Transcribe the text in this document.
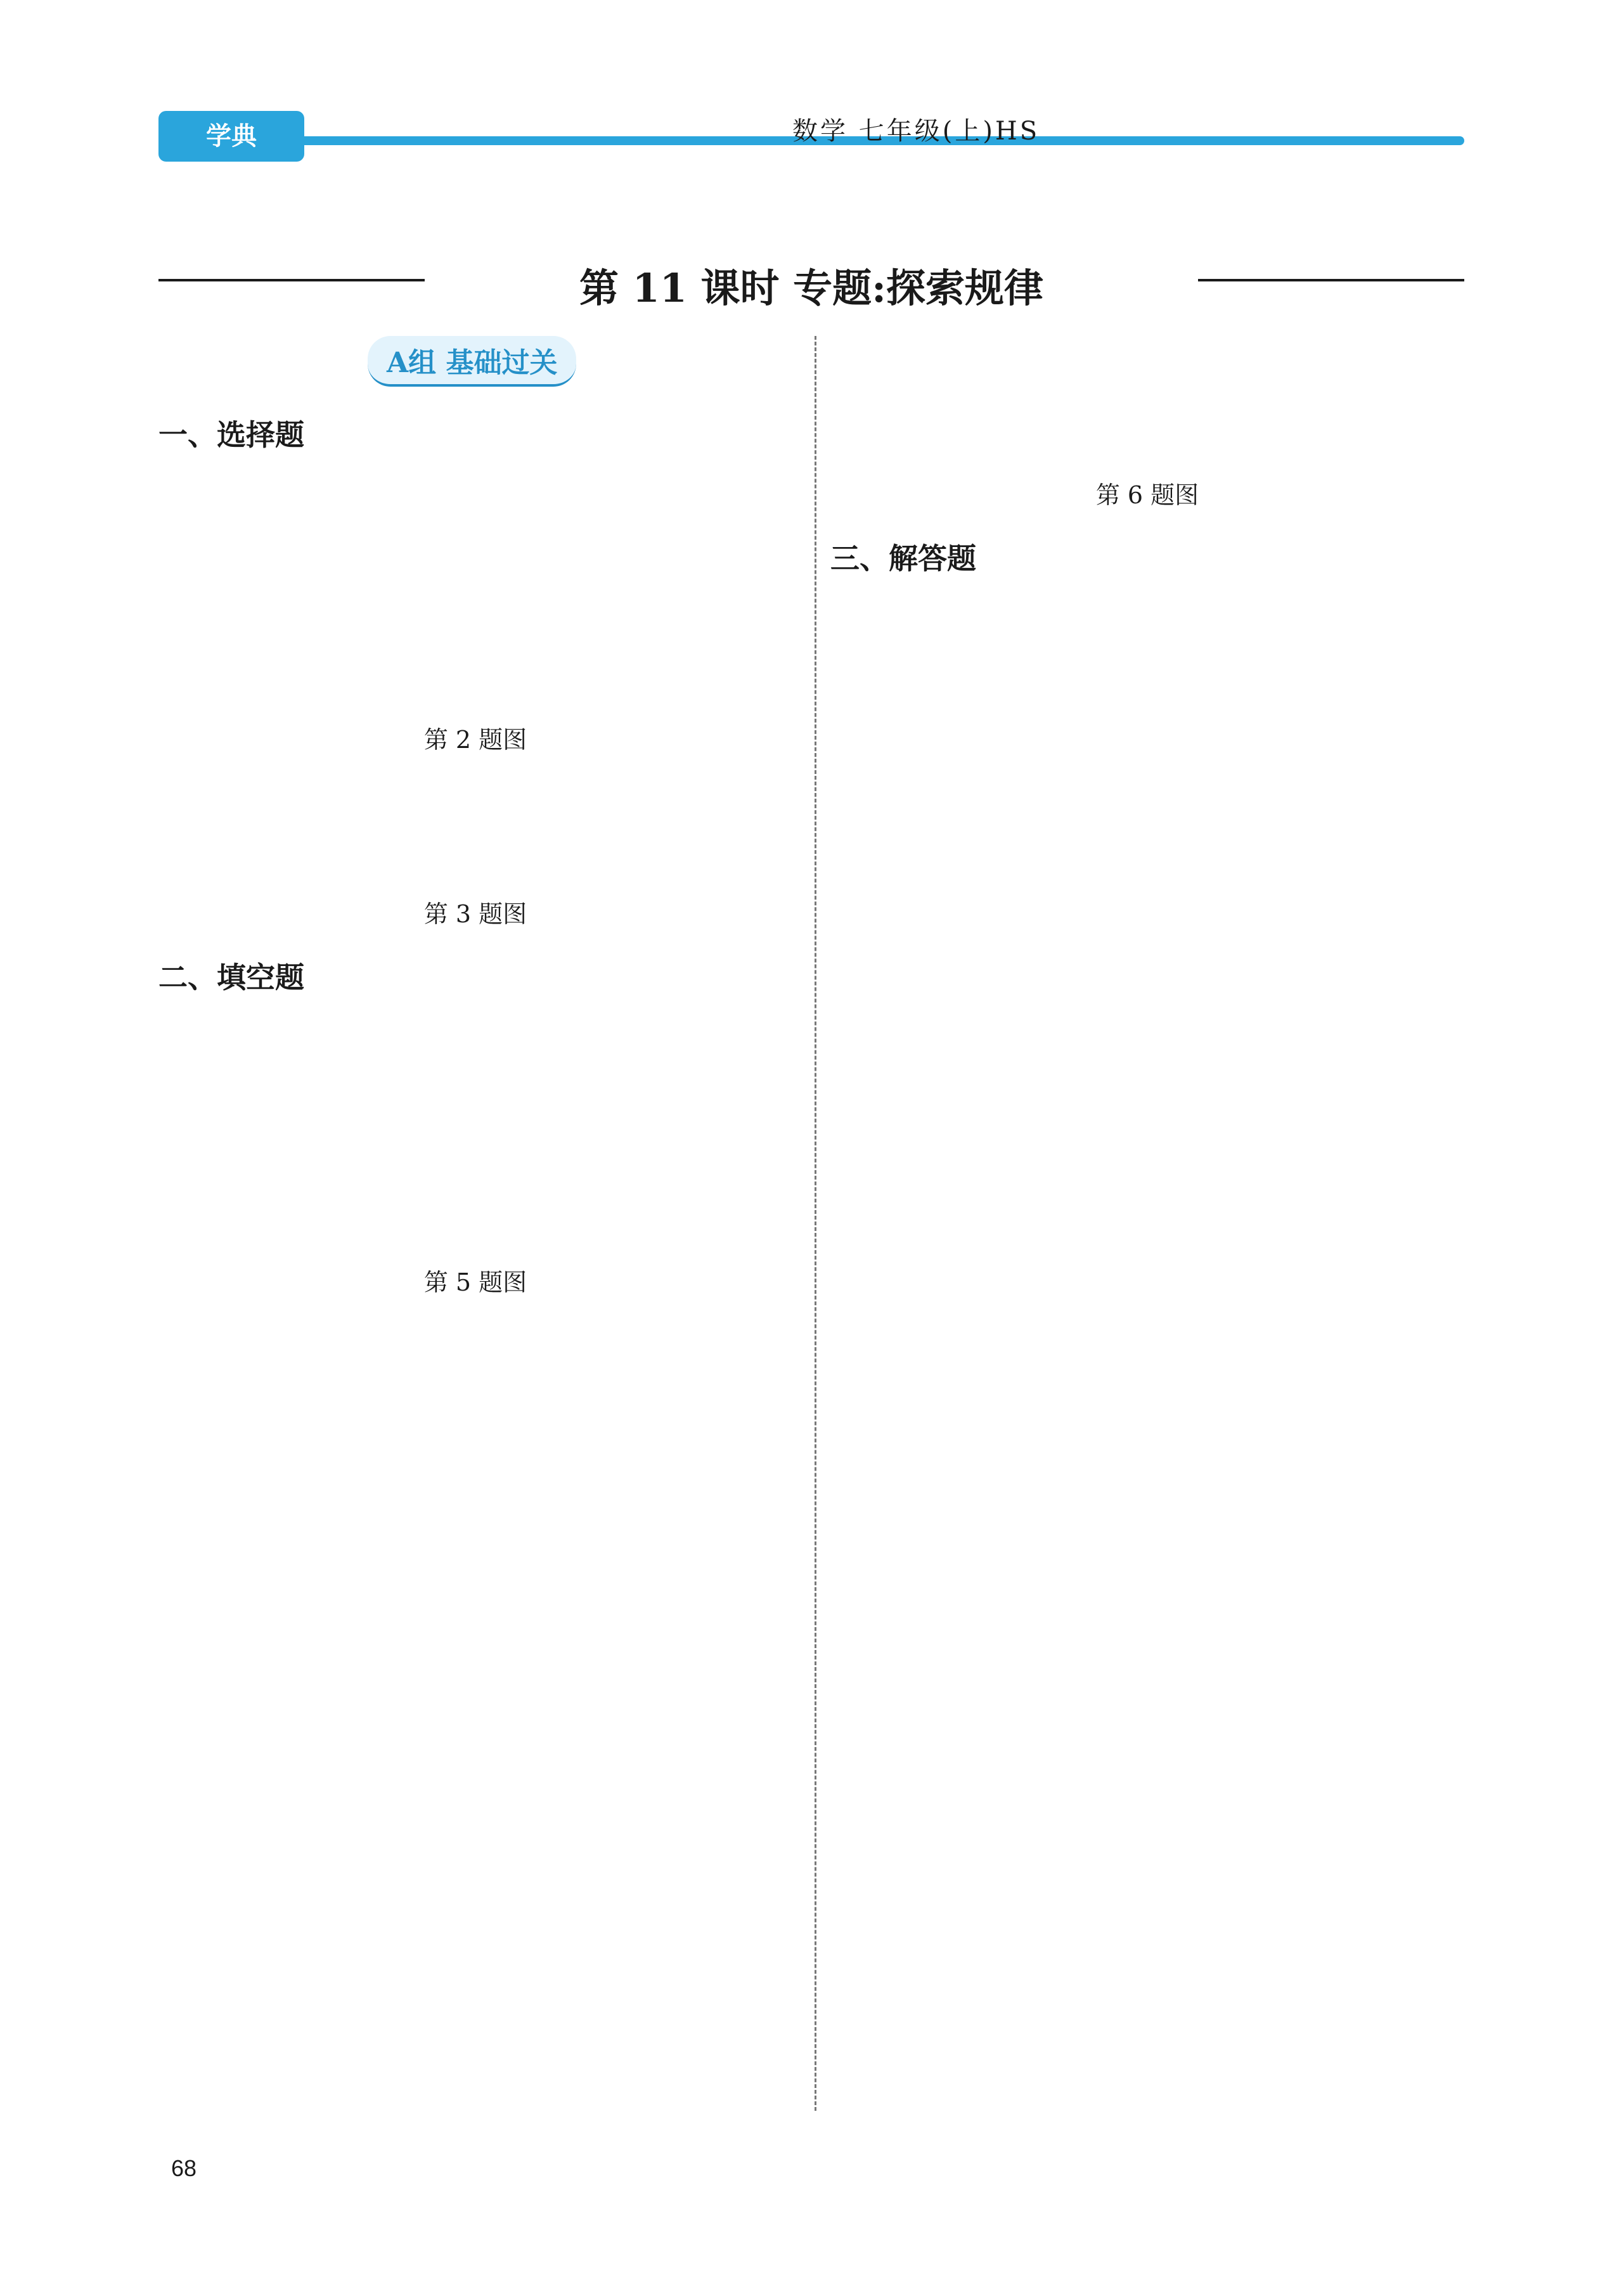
学典	数学 七年级(上)HS
第 11 课时 专题:探索规律
A组 基础过关
一、选择题
第 2 题图
第 3 题图
二、填空题
第 5 题图
第 6 题图
三、解答题
68
